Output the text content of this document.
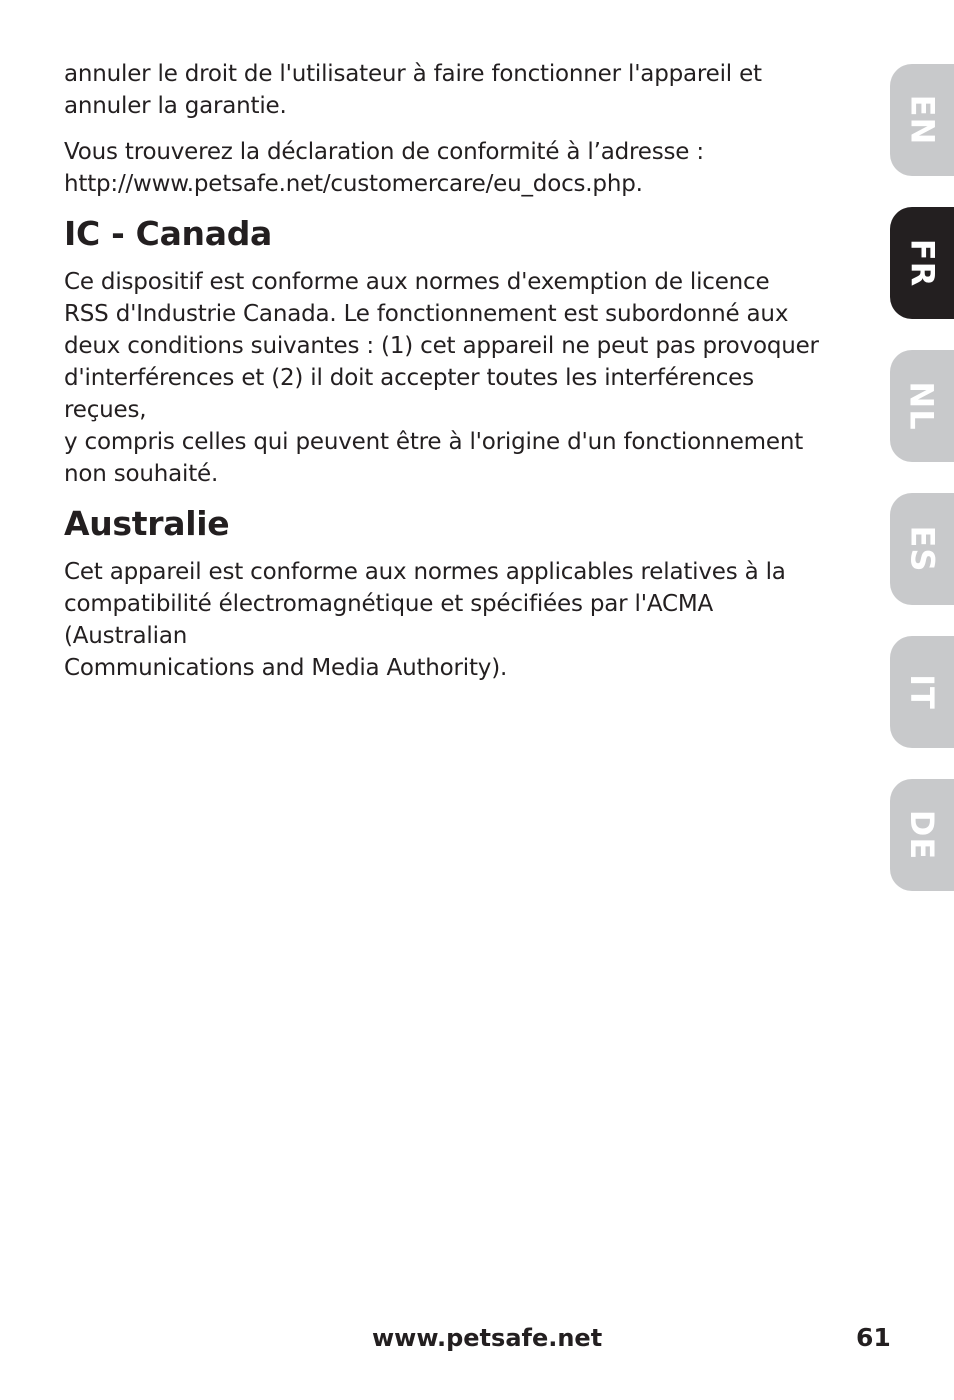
annuler le droit de l'utilisateur à faire fonctionner l'appareil et
annuler la garantie.

Vous trouverez la déclaration de conformité à l’adresse :
http://www.petsafe.net/customercare/eu_docs.php.

IC - Canada

Ce dispositif est conforme aux normes d'exemption de licence
RSS d'Industrie Canada. Le fonctionnement est subordonné aux
deux conditions suivantes : (1) cet appareil ne peut pas provoquer
d'interférences et (2) il doit accepter toutes les interférences reçues,
y compris celles qui peuvent être à l'origine d'un fonctionnement
non souhaité.

Australie

Cet appareil est conforme aux normes applicables relatives à la
compatibilité électromagnétique et spécifiées par l'ACMA (Australian
Communications and Media Authority).

EN
FR
NL
ES
IT
DE
www.petsafe.net	61
